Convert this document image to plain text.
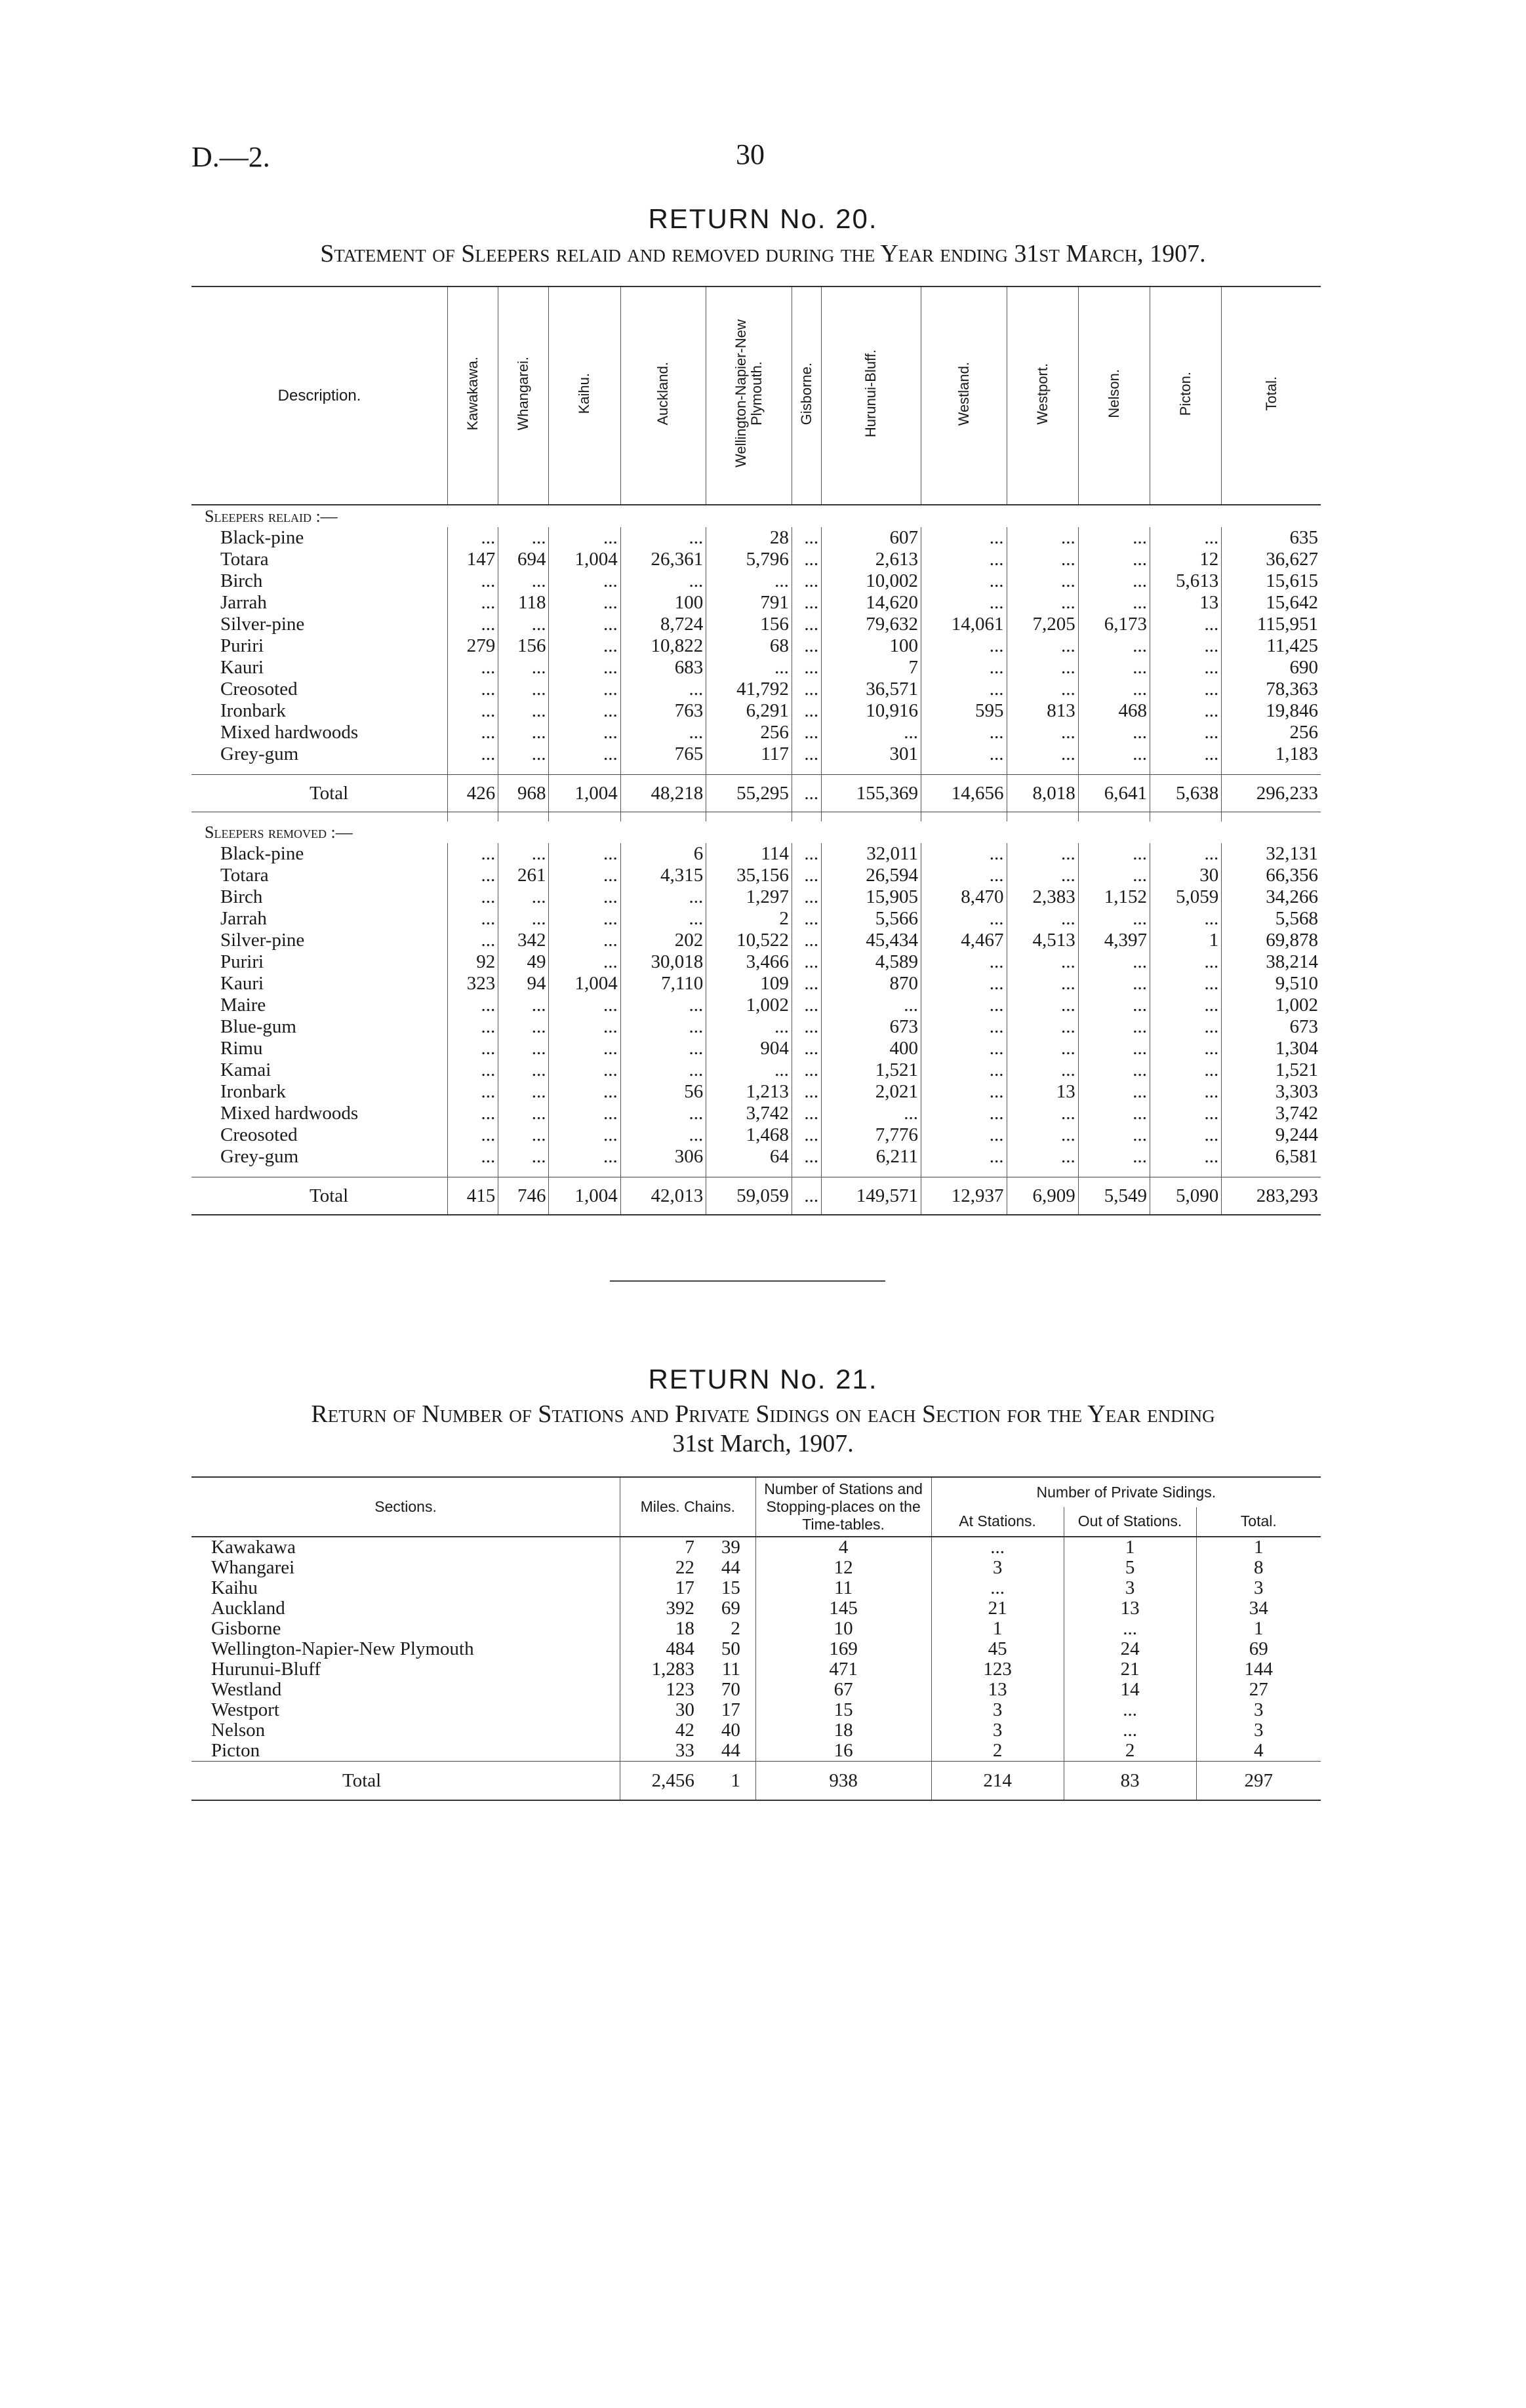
D.—2.	30
RETURN No. 20.
Statement of Sleepers relaid and removed during the Year ending 31st March, 1907.
Description.	Kawakawa.	Whangarei.	Kaihu.	Auckland.	Wellington-Napier-New Plymouth.	Gisborne.	Hurunui-Bluff.	Westland.	Westport.	Nelson.	Picton.	Total.
Sleepers relaid :—												
Black-pine	...	...	...	...	28	...	607	...	...	...	...	635
Totara	147	694	1,004	26,361	5,796	...	2,613	...	...	...	12	36,627
Birch	...	...	...	...	...	...	10,002	...	...	...	5,613	15,615
Jarrah	...	118	...	100	791	...	14,620	...	...	...	13	15,642
Silver-pine	...	...	...	8,724	156	...	79,632	14,061	7,205	6,173	...	115,951
Puriri	279	156	...	10,822	68	...	100	...	...	...	...	11,425
Kauri	...	...	...	683	...	...	7	...	...	...	...	690
Creosoted	...	...	...	...	41,792	...	36,571	...	...	...	...	78,363
Ironbark	...	...	...	763	6,291	...	10,916	595	813	468	...	19,846
Mixed hardwoods	...	...	...	...	256	...	...	...	...	...	...	256
Grey-gum	...	...	...	765	117	...	301	...	...	...	...	1,183

Total	426	968	1,004	48,218	55,295	...	155,369	14,656	8,018	6,641	5,638	296,233

Sleepers removed :—												
Black-pine	...	...	...	6	114	...	32,011	...	...	...	...	32,131
Totara	...	261	...	4,315	35,156	...	26,594	...	...	...	30	66,356
Birch	...	...	...	...	1,297	...	15,905	8,470	2,383	1,152	5,059	34,266
Jarrah	...	...	...	...	2	...	5,566	...	...	...	...	5,568
Silver-pine	...	342	...	202	10,522	...	45,434	4,467	4,513	4,397	1	69,878
Puriri	92	49	...	30,018	3,466	...	4,589	...	...	...	...	38,214
Kauri	323	94	1,004	7,110	109	...	870	...	...	...	...	9,510
Maire	...	...	...	...	1,002	...	...	...	...	...	...	1,002
Blue-gum	...	...	...	...	...	...	673	...	...	...	...	673
Rimu	...	...	...	...	904	...	400	...	...	...	...	1,304
Kamai	...	...	...	...	...	...	1,521	...	...	...	...	1,521
Ironbark	...	...	...	56	1,213	...	2,021	...	13	...	...	3,303
Mixed hardwoods	...	...	...	...	3,742	...	...	...	...	...	...	3,742
Creosoted	...	...	...	...	1,468	...	7,776	...	...	...	...	9,244
Grey-gum	...	...	...	306	64	...	6,211	...	...	...	...	6,581

Total	415	746	1,004	42,013	59,059	...	149,571	12,937	6,909	5,549	5,090	283,293
RETURN No. 21.
Return of Number of Stations and Private Sidings on each Section for the Year ending
31st March, 1907.
Sections.	Miles. Chains.	Number of Stations and Stopping-places on the Time-tables.	Number of Private Sidings.		
			At Stations.	Out of Stations.	Total.
Kawakawa	7 39	4	...	1	1
Whangarei	22 44	12	3	5	8
Kaihu	17 15	11	...	3	3
Auckland	392 69	145	21	13	34
Gisborne	18 2	10	1	...	1
Wellington-Napier-New Plymouth	484 50	169	45	24	69
Hurunui-Bluff	1,283 11	471	123	21	144
Westland	123 70	67	13	14	27
Westport	30 17	15	3	...	3
Nelson	42 40	18	3	...	3
Picton	33 44	16	2	2	4
Total	2,456 1	938	214	83	297
